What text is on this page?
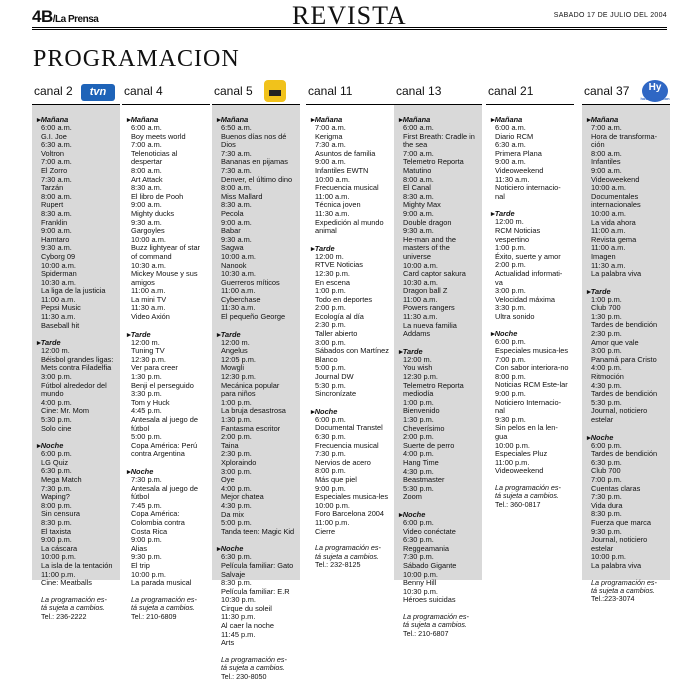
4B/La Prensa	REVISTA	SABADO 17 DE JULIO DEL 2004
PROGRAMACION
canal 2	tvn
▸ Mañana
6:00 a.m.
G.I. Joe
6:30 a.m.
Voltron
7:00 a.m.
El Zorro
7:30 a.m.
Tarzán
8:00 a.m.
Rupert
8:30 a.m.
Franklin
9:00 a.m.
Hamtaro
9:30 a.m.
Cyborg 09
10:00 a.m.
Spiderman
10:30 a.m.
La liga de la justicia
11:00 a.m.
Pepsi Music
11:30 a.m.
Baseball hit
▸ Tarde
12:00 m.
Béisbol grandes ligas: Mets contra Filadelfia
3:00 p.m.
Fútbol alrededor del mundo
4:00 p.m.
Cine: Mr. Mom
5:30 p.m.
Solo cine
▸ Noche
6:00 p.m.
LG Quiz
6:30 p.m.
Mega Match
7:30 p.m.
Waping?
8:00 p.m.
Sin censura
8:30 p.m.
El taxista
9:00 p.m.
La cáscara
10:00 p.m.
La isla de la tentación
11:00 p.m.
Cine: Meatballs
La programación es-
tá sujeta a cambios.
Tel.: 236-2222
canal 4
▸ Mañana
6:00 a.m.
Boy meets world
7:00 a.m.
Telenoticias al despertar
8:00 a.m.
Art Attack
8:30 a.m.
El libro de Pooh
9:00 a.m.
Mighty ducks
9:30 a.m.
Gargoyles
10:00 a.m.
Buzz lightyear of star of command
10:30 a.m.
Mickey Mouse y sus amigos
11:00 a.m.
La mini TV
11:30 a.m.
Video Axión
▸ Tarde
12:00 m.
Tuning TV
12:30 p.m.
Ver para creer
1:30 p.m.
Benji el perseguido
3:30 p.m.
Tom y Huck
4:45 p.m.
Antesala al juego de fútbol
5:00 p.m.
Copa América: Perú contra Argentina
▸ Noche
7:30 p.m.
Antesala al juego de fútbol
7:45 p.m.
Copa América: Colombia contra Costa Rica
9:00 p.m.
Alias
9:30 p.m.
El trip
10:00 p.m.
La parada musical
La programación es-
tá sujeta a cambios.
Tel.: 210-6809
canal 5
▸ Mañana
6:50 a.m.
Buenos días nos dé Dios
7:30 a.m.
Bananas en pijamas
7:30 a.m.
Denver, el último dino
8:00 a.m.
Miss Mallard
8:30 a.m.
Pecola
9:00 a.m.
Babar
9:30 a.m.
Sagwa
10:00 a.m.
Nanook
10:30 a.m.
Guerreros míticos
11:00 a.m.
Cyberchase
11:30 a.m.
El pequeño George
▸ Tarde
12:00 m.
Angelus
12:05 p.m.
Mowgli
12:30 p.m.
Mecánica popular para niños
1:00 p.m.
La bruja desastrosa
1:30 p.m.
Fantasma escritor
2:00 p.m.
Taina
2:30 p.m.
Xploraindo
3:00 p.m.
Oye
4:00 p.m.
Mejor chatea
4:30 p.m.
Da mix
5:00 p.m.
Tanda teen: Magic Kid
▸ Noche
6:30 p.m.
Película familiar: Gato Salvaje
8:30 p.m.
Película familiar: E.R
10:30 p.m.
Cirque du soleil
11:30 p.m.
Al caer la noche
11:45 p.m.
Arts
La programación es-
tá sujeta a cambios.
Tel.: 230-8050
canal 11
▸ Mañana
7:00 a.m.
Kerigma
7:30 a.m.
Asuntos de familia
9:00 a.m.
Infantiles EWTN
10:00 a.m.
Frecuencia musical
11:00 a.m.
Técnica joven
11:30 a.m.
Expedición al mundo animal
▸ Tarde
12:00 m.
RTVE Noticias
12:30 p.m.
En escena
1:00 p.m.
Todo en deportes
2:00 p.m.
Ecología al día
2:30 p.m.
Taller abierto
3:00 p.m.
Sábados con Martínez Blanco
5:00 p.m.
Journal DW
5:30 p.m.
Sincronízate
▸ Noche
6:00 p.m.
Documental Transtel
6:30 p.m.
Frecuencia musical
7:30 p.m.
Nervios de acero
8:00 p.m.
Más que piel
9:00 p.m.
Especiales musica-les
10:00 p.m.
Foro Barcelona 2004
11:00 p.m.
Cierre
La programación es-
tá sujeta a cambios.
Tel.: 232-8125
canal 13
▸ Mañana
6:00 a.m.
First Breath: Cradle in the sea
7:00 a.m.
Telemetro Reporta Matutino
8:00 a.m.
El Canal
8:30 a.m.
Mighty Max
9:00 a.m.
Double dragon
9:30 a.m.
He-man and the masters of the universe
10:00 a.m.
Card captor sakura
10:30 a.m.
Dragon ball Z
11:00 a.m.
Powers rangers
11:30 a.m.
La nueva familia Addams
▸ Tarde
12:00 m.
You wish
12:30 p.m.
Telemetro Reporta mediodía
1:00 p.m.
Bienvenido
1:30 p.m.
Cheverísimo
2:00 p.m.
Suerte de perro
4:00 p.m.
Hang Time
4:30 p.m.
Beastmaster
5:30 p.m.
Zoom
▸ Noche
6:00 p.m.
Video conéctate
6:30 p.m.
Reggeamania
7:30 p.m.
Sábado Gigante
10:00 p.m.
Benny Hill
10:30 p.m.
Héroes suicidas
La programación es-
tá sujeta a cambios.
Tel.: 210-6807
canal 21
▸ Mañana
6:00 a.m.
Diario RCM
6:30 a.m.
Primera Plana
9:00 a.m.
Videoweekend
11:30 a.m.
Noticiero internacio-nal
▸ Tarde
12:00 m.
RCM Noticias vespertino
1:00 p.m.
Éxito, suerte y amor
2:00 p.m.
Actualidad informati-va
3:00 p.m.
Velocidad máxima
3:30 p.m.
Ultra sonido
▸ Noche
6:00 p.m.
Especiales musica-les
7:00 p.m.
Con sabor interiora-no
8:00 p.m.
Noticias RCM Este-lar
9:00 p.m.
Noticiero Internacio-nal
9:30 p.m.
Sin pelos en la len-gua
10:00 p.m.
Especiales Pluz
11:00 p.m.
Videoweekend
La programación es-
tá sujeta a cambios.
Tel.: 360-0817
canal 37	Hy
hosanna vision
▸ Mañana
7:00 a.m.
Hora de transforma-ción
8:00 a.m.
Infantiles
9:00 a.m.
Videoweekend
10:00 a.m.
Documentales internacionales
10:00 a.m.
La vida ahora
11:00 a.m.
Revista gema
11:00 a.m.
Imagen
11:30 a.m.
La palabra viva
▸ Tarde
1:00 p.m.
Club 700
1:30 p.m.
Tardes de bendición
2:30 p.m.
Amor que vale
3:00 p.m.
Panamá para Cristo
4:00 p.m.
Ritmoción
4:30 p.m.
Tardes de bendición
5:30 p.m.
Journal, noticiero estelar
▸ Noche
6:00 p.m.
Tardes de bendición
6:30 p.m.
Club 700
7:00 p.m.
Cuentas claras
7:30 p.m.
Vida dura
8:30 p.m.
Fuerza que marca
9:30 p.m.
Journal, noticiero estelar
10:00 p.m.
La palabra viva
La programación es-
tá sujeta a cambios.
Tel.:223-3074
